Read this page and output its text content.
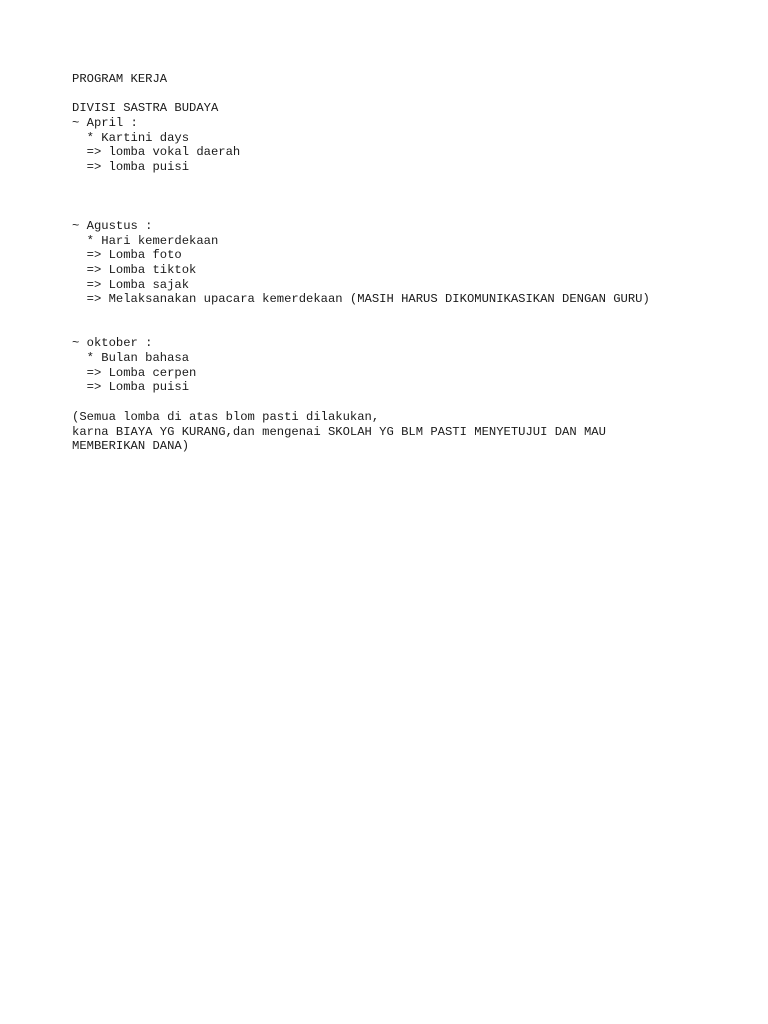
PROGRAM KERJA
DIVISI SASTRA BUDAYA
~ April :
* Kartini days
=> lomba vokal daerah
=> lomba puisi
~ Agustus :
* Hari kemerdekaan
=> Lomba foto
=> Lomba tiktok
=> Lomba sajak
=> Melaksanakan upacara kemerdekaan (MASIH HARUS DIKOMUNIKASIKAN DENGAN GURU)
~ oktober :
* Bulan bahasa
=> Lomba cerpen
=> Lomba puisi
(Semua lomba di atas blom pasti dilakukan,
karna BIAYA YG KURANG,dan mengenai SKOLAH YG BLM PASTI MENYETUJUI DAN MAU
MEMBERIKAN DANA)
